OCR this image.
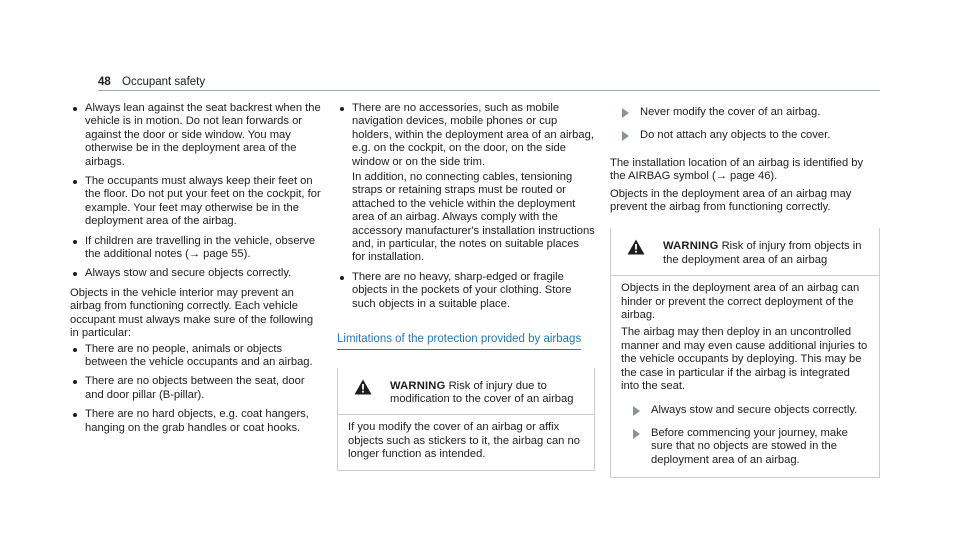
48 Occupant safety

Always lean against the seat backrest when the vehicle is in motion. Do not lean forwards or against the door or side window. You may otherwise be in the deployment area of the airbags.

The occupants must always keep their feet on the floor. Do not put your feet on the cockpit, for example. Your feet may otherwise be in the deployment area of the airbag.

If children are travelling in the vehicle, observe the additional notes (→ page 55).

Always stow and secure objects correctly.

Objects in the vehicle interior may prevent an airbag from functioning correctly. Each vehicle occupant must always make sure of the following in particular:

There are no people, animals or objects between the vehicle occupants and an airbag.

There are no objects between the seat, door and door pillar (B-pillar).

There are no hard objects, e.g. coat hangers, hanging on the grab handles or coat hooks.

There are no accessories, such as mobile navigation devices, mobile phones or cup holders, within the deployment area of an airbag, e.g. on the cockpit, on the door, on the side window or on the side trim.

In addition, no connecting cables, tensioning straps or retaining straps must be routed or attached to the vehicle within the deployment area of an airbag. Always comply with the accessory manufacturer's installation instructions and, in particular, the notes on suitable places for installation.

There are no heavy, sharp-edged or fragile objects in the pockets of your clothing. Store such objects in a suitable place.

Limitations of the protection provided by airbags
WARNING Risk of injury due to modification to the cover of an airbag

If you modify the cover of an airbag or affix objects such as stickers to it, the airbag can no longer function as intended.

Never modify the cover of an airbag.
Do not attach any objects to the cover.

The installation location of an airbag is identified by the AIRBAG symbol (→ page 46).

Objects in the deployment area of an airbag may prevent the airbag from functioning correctly.

WARNING Risk of injury from objects in the deployment area of an airbag

Objects in the deployment area of an airbag can hinder or prevent the correct deployment of the airbag.

The airbag may then deploy in an uncontrolled manner and may even cause additional injuries to the vehicle occupants by deploying. This may be the case in particular if the airbag is integrated into the seat.

Always stow and secure objects correctly.
Before commencing your journey, make sure that no objects are stowed in the deployment area of an airbag.
